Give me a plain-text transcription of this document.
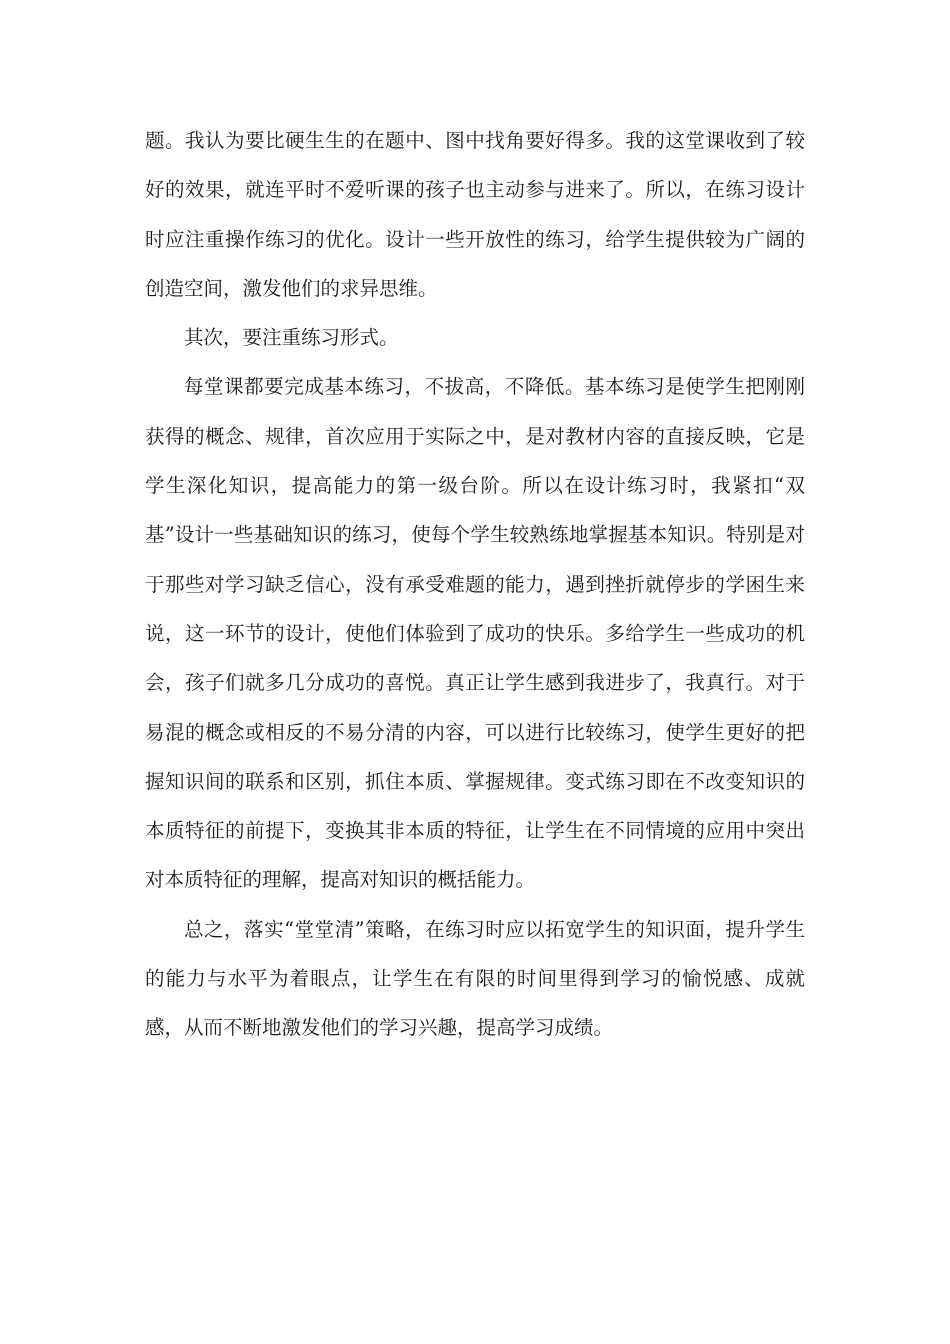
题。我认为要比硬生生的在题中、图中找角要好得多。我的这堂课收到了较好的效果，就连平时不爱听课的孩子也主动参与进来了。所以，在练习设计时应注重操作练习的优化。设计一些开放性的练习，给学生提供较为广阔的创造空间，激发他们的求异思维。

其次，要注重练习形式。

每堂课都要完成基本练习，不拔高，不降低。基本练习是使学生把刚刚获得的概念、规律，首次应用于实际之中，是对教材内容的直接反映，它是学生深化知识，提高能力的第一级台阶。所以在设计练习时，我紧扣“双基”设计一些基础知识的练习，使每个学生较熟练地掌握基本知识。特别是对于那些对学习缺乏信心，没有承受难题的能力，遇到挫折就停步的学困生来说，这一环节的设计，使他们体验到了成功的快乐。多给学生一些成功的机会，孩子们就多几分成功的喜悦。真正让学生感到我进步了，我真行。对于易混的概念或相反的不易分清的内容，可以进行比较练习，使学生更好的把握知识间的联系和区别，抓住本质、掌握规律。变式练习即在不改变知识的本质特征的前提下，变换其非本质的特征，让学生在不同情境的应用中突出对本质特征的理解，提高对知识的概括能力。

总之，落实“堂堂清”策略，在练习时应以拓宽学生的知识面，提升学生的能力与水平为着眼点，让学生在有限的时间里得到学习的愉悦感、成就感，从而不断地激发他们的学习兴趣，提高学习成绩。
